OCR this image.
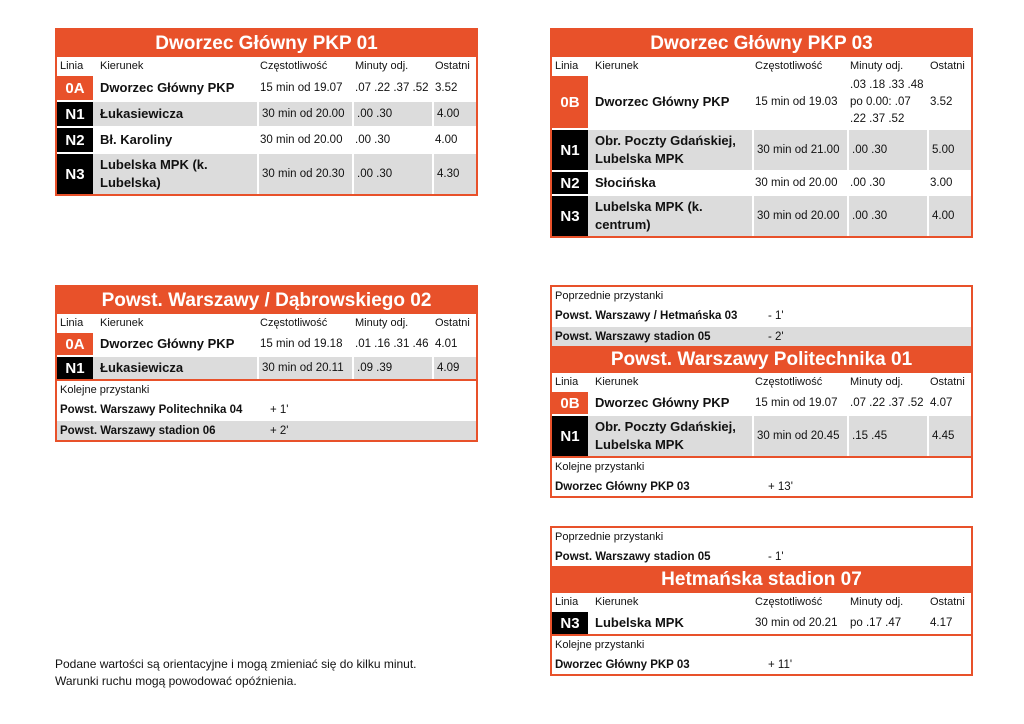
Dworzec Główny PKP 01
Linia	Kierunek	Częstotliwość	Minuty odj.	Ostatni

0A	Dworzec Główny PKP	15 min od 19.07	.07 .22 .37 .52	3.52

N1	Łukasiewicza	30 min od 20.00	.00 .30	4.00

N2	Bł. Karoliny	30 min od 20.00	.00 .30	4.00

N3	Lubelska MPK (k. Lubelska)	30 min od 20.30	.00 .30	4.30
Dworzec Główny PKP 03
Linia	Kierunek	Częstotliwość	Minuty odj.	Ostatni

0B	Dworzec Główny PKP	15 min od 19.03	.03 .18 .33 .48 po 0.00: .07 .22 .37 .52	3.52

N1	Obr. Poczty Gdańskiej, Lubelska MPK	30 min od 21.00	.00 .30	5.00

N2	Słocińska	30 min od 20.00	.00 .30	3.00

N3	Lubelska MPK (k. centrum)	30 min od 20.00	.00 .30	4.00
Powst. Warszawy / Dąbrowskiego 02
Linia	Kierunek	Częstotliwość	Minuty odj.	Ostatni

0A	Dworzec Główny PKP	15 min od 19.18	.01 .16 .31 .46	4.01

N1	Łukasiewicza	30 min od 20.11	.09 .39	4.09
Kolejne przystanki
Powst. Warszawy Politechnika 04	+ 1'
Powst. Warszawy stadion 06	+ 2'
Poprzednie przystanki
Powst. Warszawy / Hetmańska 03	- 1'
Powst. Warszawy stadion 05	- 2'
Powst. Warszawy Politechnika 01
Linia	Kierunek	Częstotliwość	Minuty odj.	Ostatni

0B	Dworzec Główny PKP	15 min od 19.07	.07 .22 .37 .52	4.07

N1	Obr. Poczty Gdańskiej, Lubelska MPK	30 min od 20.45	.15 .45	4.45
Kolejne przystanki
Dworzec Główny PKP 03	+ 13'
Poprzednie przystanki
Powst. Warszawy stadion 05	- 1'
Hetmańska stadion 07
Linia	Kierunek	Częstotliwość	Minuty odj.	Ostatni

N3	Lubelska MPK	30 min od 20.21	po .17 .47	4.17
Kolejne przystanki
Dworzec Główny PKP 03	+ 11'
Podane wartości są orientacyjne i mogą zmieniać się do kilku minut.
Warunki ruchu mogą powodować opóźnienia.
